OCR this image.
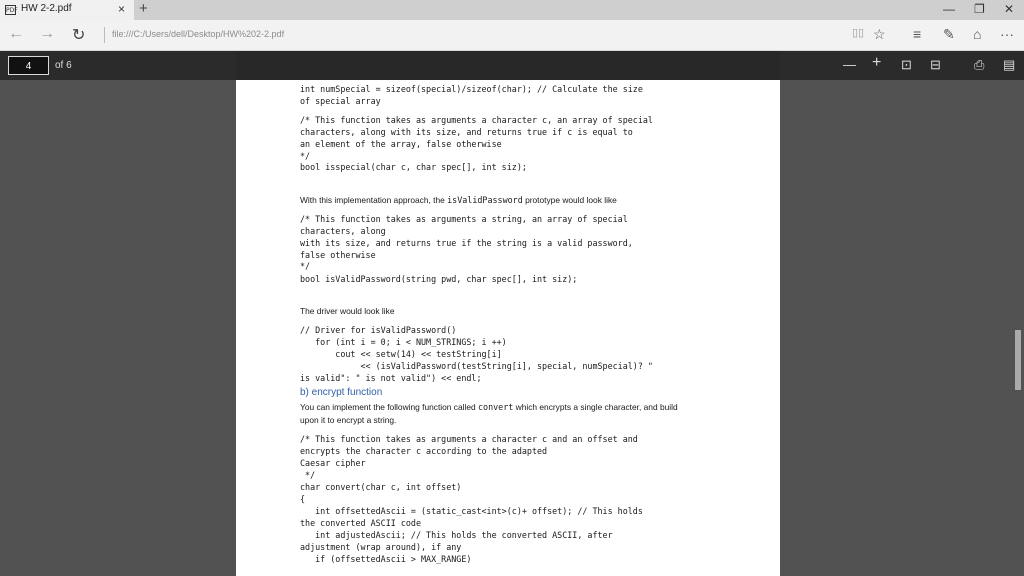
PDF HW 2-2.pdf	× +	— ❐ ✕
← → ↻	file:///C:/Users/dell/Desktop/HW%202-2.pdf	▯▯ ☆ ≡ ✎ ⌂ ···
int numSpecial = sizeof(special)/sizeof(char); // Calculate the size
of special array
/* This function takes as arguments a character c, an array of special
characters, along with its size, and returns true if c is equal to
an element of the array, false otherwise
*/
bool isspecial(char c, char spec[], int siz);
With this implementation approach, the isValidPassword prototype would look like
/* This function takes as arguments a string, an array of special
characters, along
with its size, and returns true if the string is a valid password,
false otherwise
*/
bool isValidPassword(string pwd, char spec[], int siz);
The driver would look like
// Driver for isValidPassword()
for (int i = 0; i < NUM_STRINGS; i ++)
cout << setw(14) << testString[i]
<< (isValidPassword(testString[i], special, numSpecial)? "
is valid": " is not valid") << endl;
b) encrypt function
You can implement the following function called convert which encrypts a single character, and build
upon it to encrypt a string.
/* This function takes as arguments a character c and an offset and
encrypts the character c according to the adapted
Caesar cipher
*/
char convert(char c, int offset)
{
int offsettedAscii = (static_cast<int>(c)+ offset); // This holds
the converted ASCII code
int adjustedAscii; // This holds the converted ASCII, after
adjustment (wrap around), if any
if (offsettedAscii > MAX_RANGE)
4	of 6	— + ⊡ ⊟	⎙ ▤
